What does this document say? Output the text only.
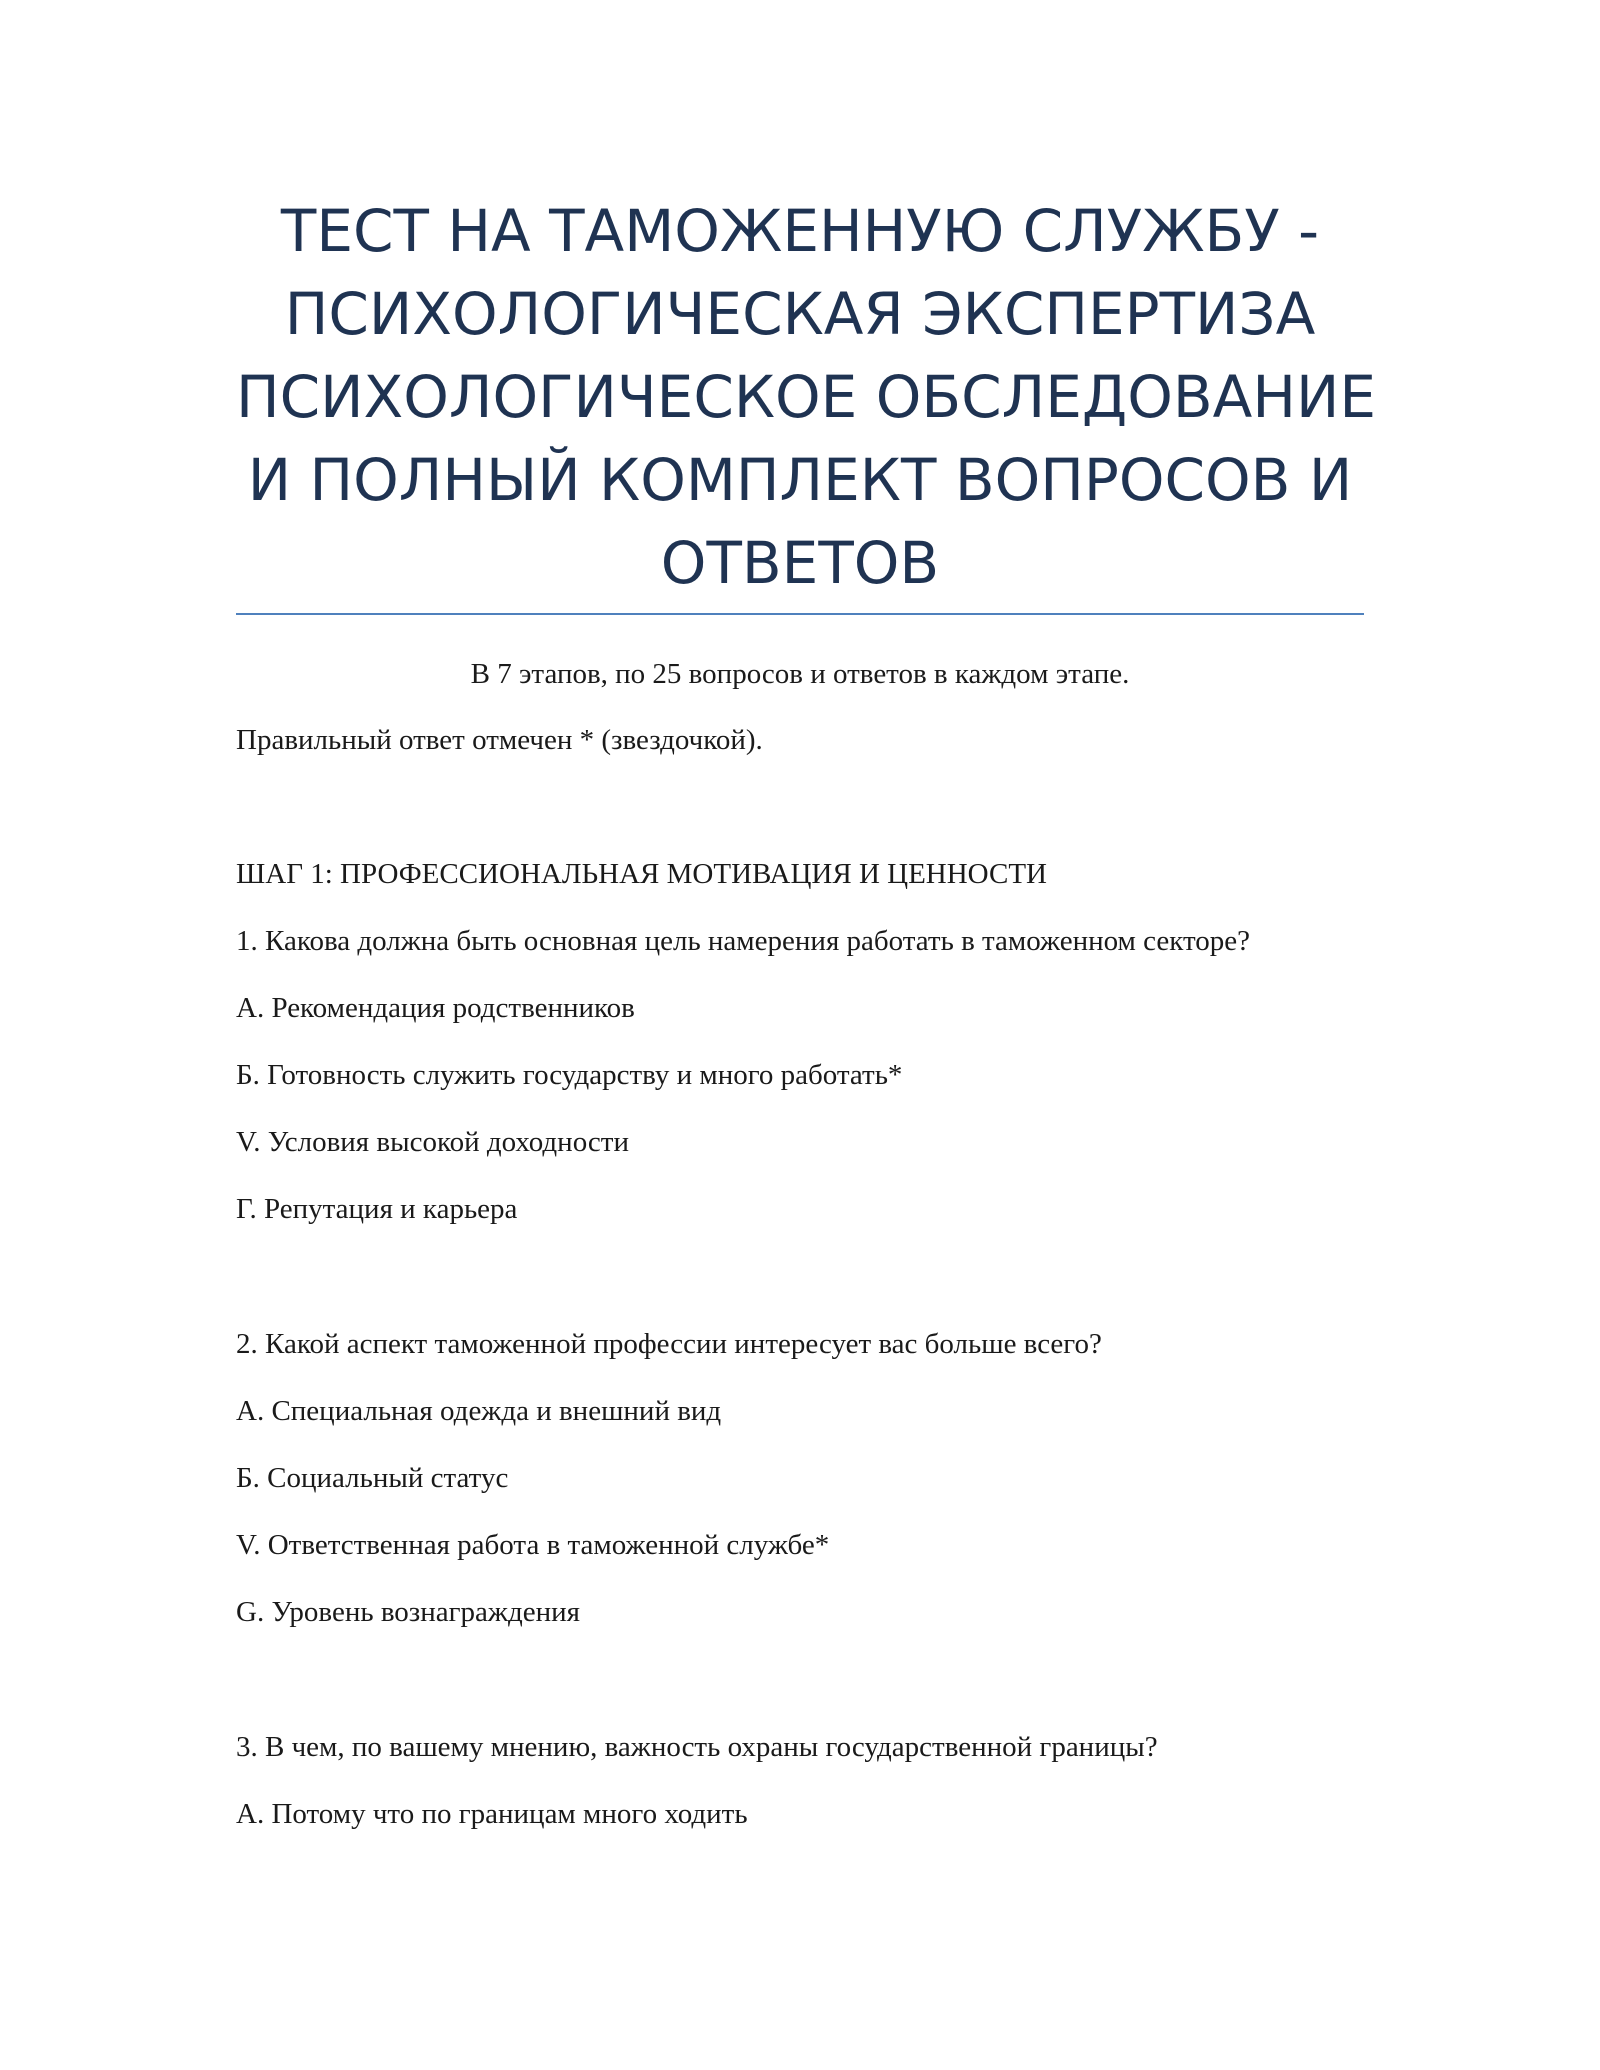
ТЕСТ НА ТАМОЖЕННУЮ СЛУЖБУ -
ПСИХОЛОГИЧЕСКАЯ ЭКСПЕРТИЗА
ПСИХОЛОГИЧЕСКОЕ ОБСЛЕДОВАНИЕ
И ПОЛНЫЙ КОМПЛЕКТ ВОПРОСОВ И
ОТВЕТОВ
В 7 этапов, по 25 вопросов и ответов в каждом этапе.
Правильный ответ отмечен * (звездочкой).
ШАГ 1: ПРОФЕССИОНАЛЬНАЯ МОТИВАЦИЯ И ЦЕННОСТИ
1. Какова должна быть основная цель намерения работать в таможенном секторе?
А. Рекомендация родственников
Б. Готовность служить государству и много работать*
V. Условия высокой доходности
Г. Репутация и карьера
2. Какой аспект таможенной профессии интересует вас больше всего?
А. Специальная одежда и внешний вид
Б. Социальный статус
V. Ответственная работа в таможенной службе*
G. Уровень вознаграждения
3. В чем, по вашему мнению, важность охраны государственной границы?
А. Потому что по границам много ходить
